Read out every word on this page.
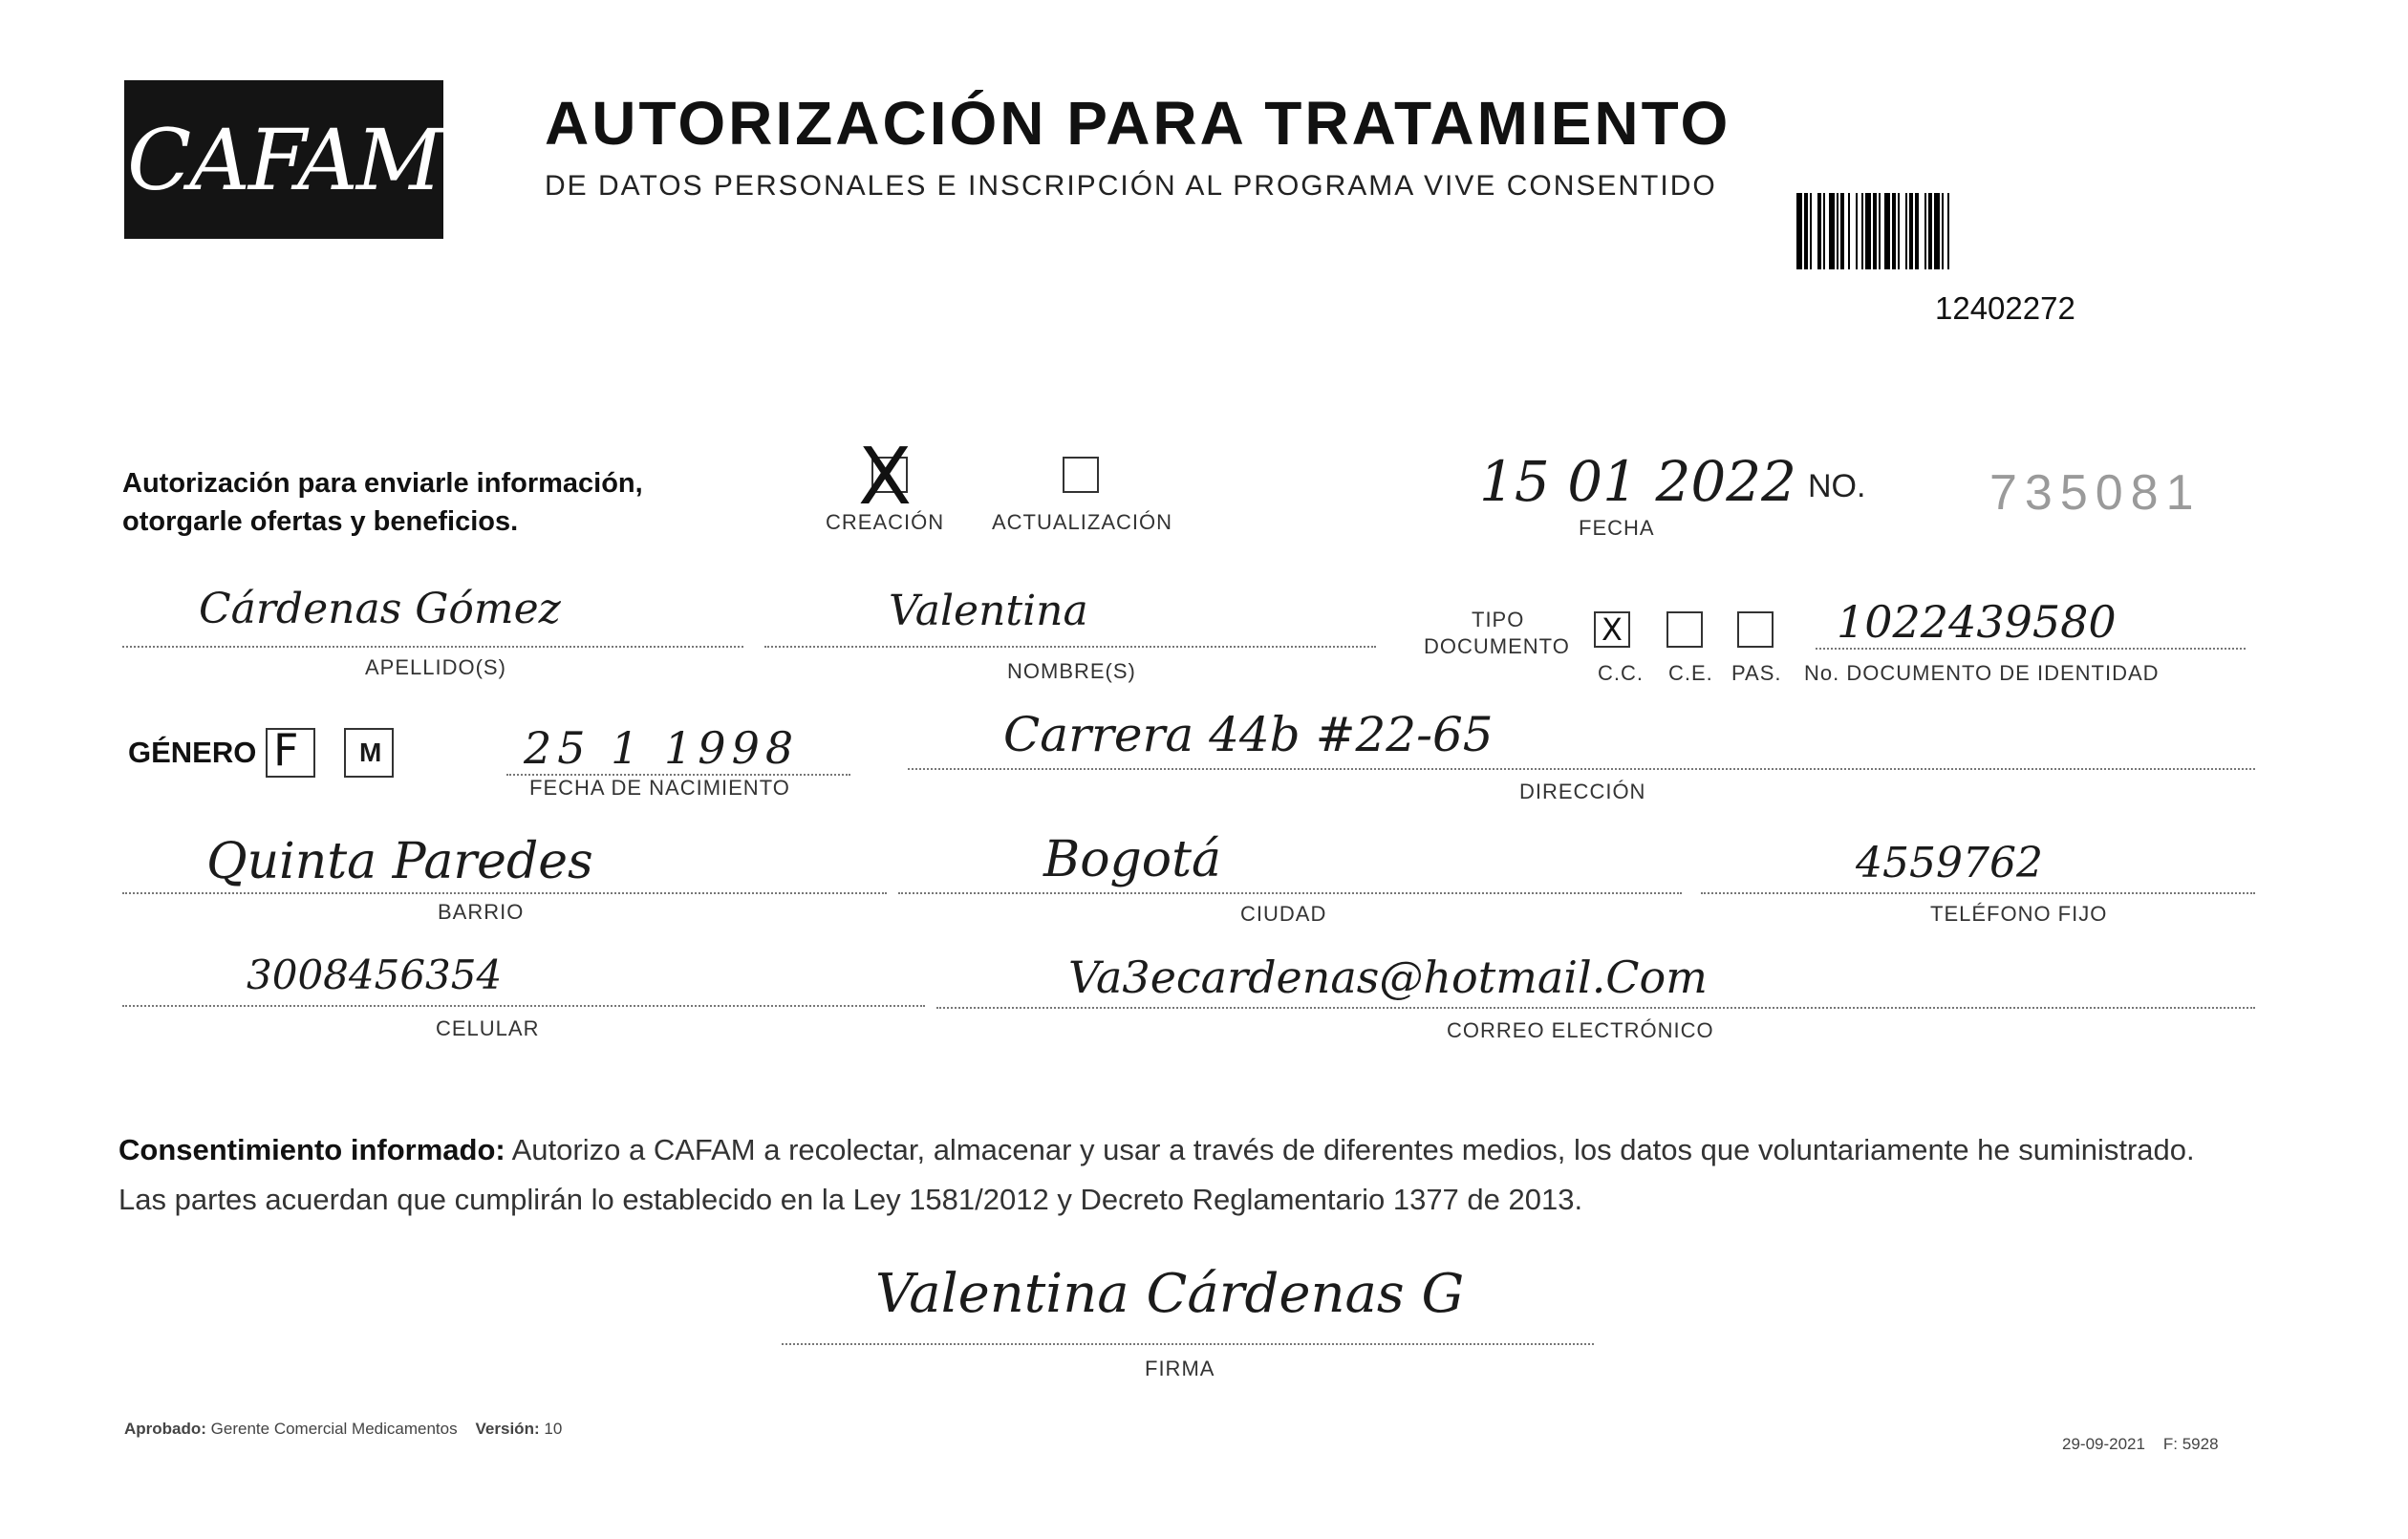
CAFAM AUTORIZACIÓN PARA TRATAMIENTO
DE DATOS PERSONALES E INSCRIPCIÓN AL PROGRAMA VIVE CONSENTIDO
12402272
Autorización para enviarle información,
otorgarle ofertas y beneficios.	X
CREACIÓN ACTUALIZACIÓN
15 01 2022
FECHA
NO. 735081
Cárdenas Gómez
APELLIDO(S)
Valentina
NOMBRE(S)
TIPO
DOCUMENTO X
C.C. C.E. PAS.
1022439580
No. DOCUMENTO DE IDENTIDAD
GÉNERO F M	25 1 1998
FECHA DE NACIMIENTO
Carrera 44b #22-65
DIRECCIÓN
Quinta Paredes
BARRIO
Bogotá
CIUDAD
4559762
TELÉFONO FIJO
3008456354
CELULAR
Va3ecardenas@hotmail.Com
CORREO ELECTRÓNICO
Consentimiento informado: Autorizo a CAFAM a recolectar, almacenar y usar a través de diferentes medios, los datos que voluntariamente he suministrado.
Las partes acuerdan que cumplirán lo establecido en la Ley 1581/2012 y Decreto Reglamentario 1377 de 2013.
Valentina Cárdenas G
FIRMA
Aprobado: Gerente Comercial Medicamentos Versión: 10
29-09-2021 F: 5928
